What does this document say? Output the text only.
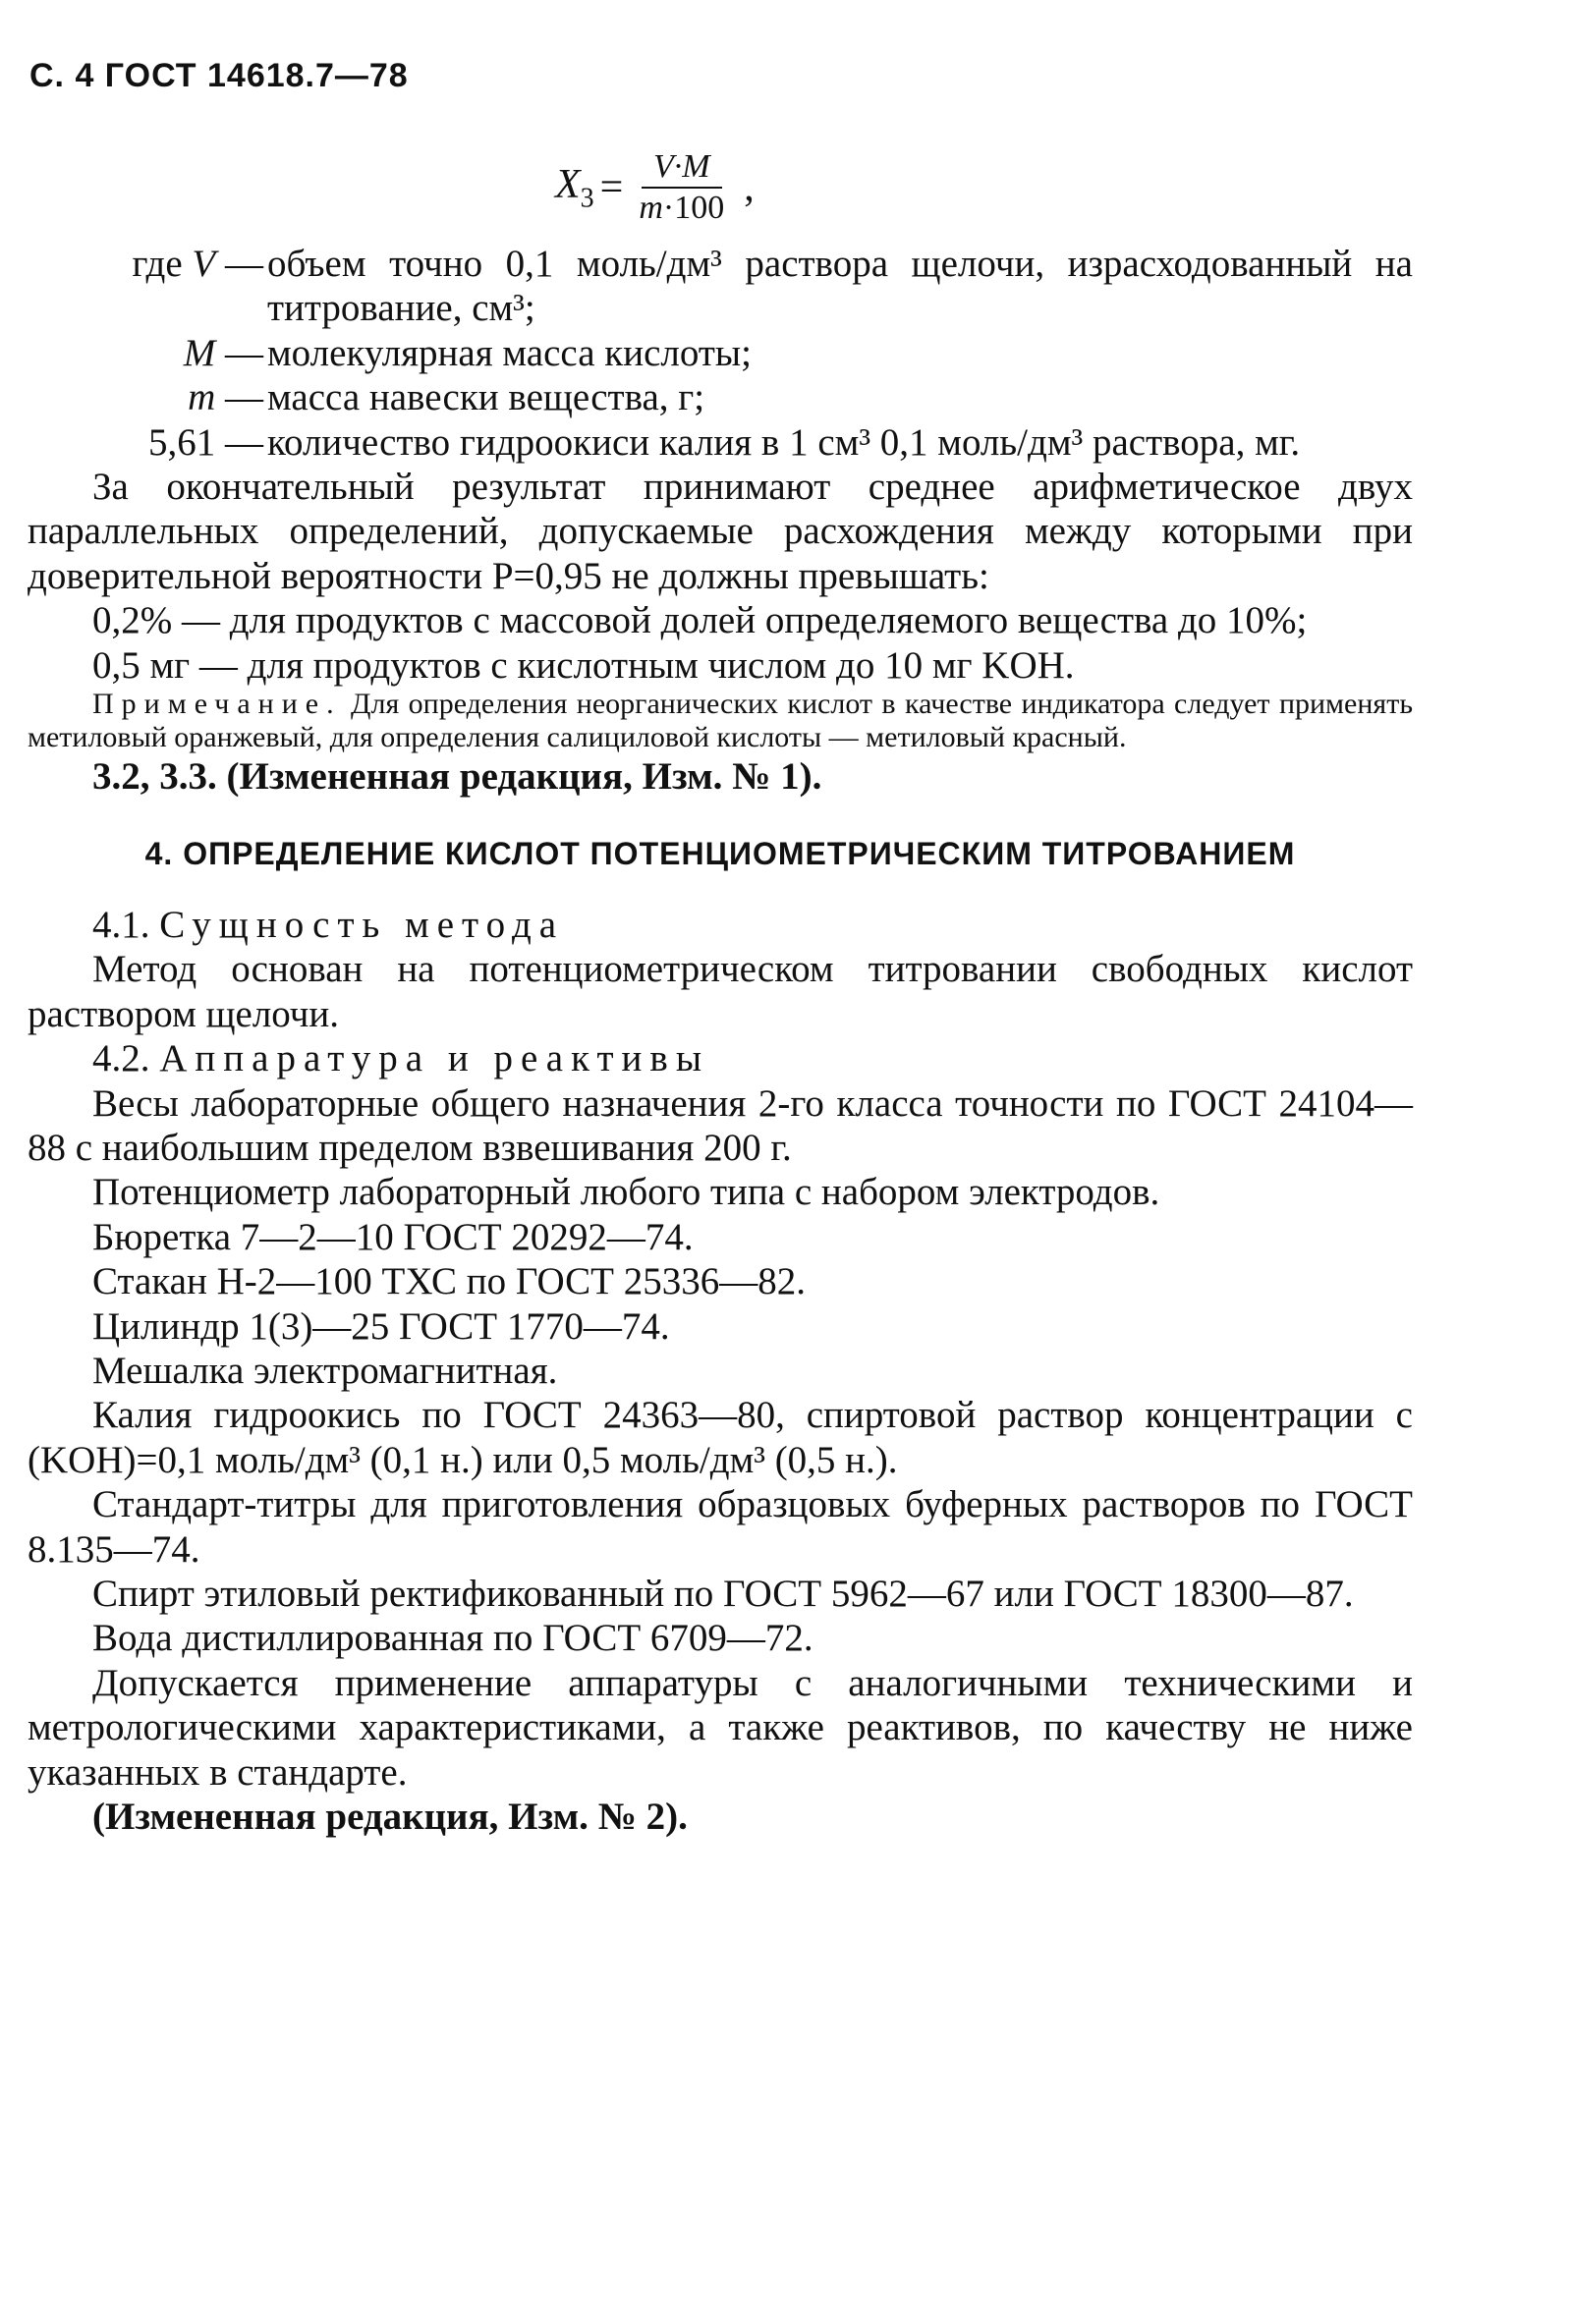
С. 4 ГОСТ 14618.7—78
$X_3 = \frac{V\cdot M}{m\cdot 100}$ ,
где V — объем точно 0,1 моль/дм³ раствора щелочи, израсходованный на титрование, см³;
M — молекулярная масса кислоты;
m — масса навески вещества, г;
5,61 — количество гидроокиси калия в 1 см³ 0,1 моль/дм³ раствора, мг.

За окончательный результат принимают среднее арифметическое двух параллельных определений, допускаемые расхождения между которыми при доверительной вероятности P=0,95 не должны превышать:

0,2% — для продуктов с массовой долей определяемого вещества до 10%;

0,5 мг — для продуктов с кислотным числом до 10 мг KOH.

Примечание. Для определения неорганических кислот в качестве индикатора следует применять метиловый оранжевый, для определения салициловой кислоты — метиловый красный.

3.2, 3.3. (Измененная редакция, Изм. № 1).

4. ОПРЕДЕЛЕНИЕ КИСЛОТ ПОТЕНЦИОМЕТРИЧЕСКИМ ТИТРОВАНИЕМ

4.1. Сущность метода

Метод основан на потенциометрическом титровании свободных кислот раствором щелочи.

4.2. Аппаратура и реактивы

Весы лабораторные общего назначения 2-го класса точности по ГОСТ 24104—88 с наибольшим пределом взвешивания 200 г.

Потенциометр лабораторный любого типа с набором электродов.

Бюретка 7—2—10 ГОСТ 20292—74.

Стакан Н-2—100 ТХС по ГОСТ 25336—82.

Цилиндр 1(3)—25 ГОСТ 1770—74.

Мешалка электромагнитная.

Калия гидроокись по ГОСТ 24363—80, спиртовой раствор концентрации с (KOH)=0,1 моль/дм³ (0,1 н.) или 0,5 моль/дм³ (0,5 н.).

Стандарт-титры для приготовления образцовых буферных растворов по ГОСТ 8.135—74.

Спирт этиловый ректификованный по ГОСТ 5962—67 или ГОСТ 18300—87.

Вода дистиллированная по ГОСТ 6709—72.

Допускается применение аппаратуры с аналогичными техническими и метрологическими характеристиками, а также реактивов, по качеству не ниже указанных в стандарте.

(Измененная редакция, Изм. № 2).
